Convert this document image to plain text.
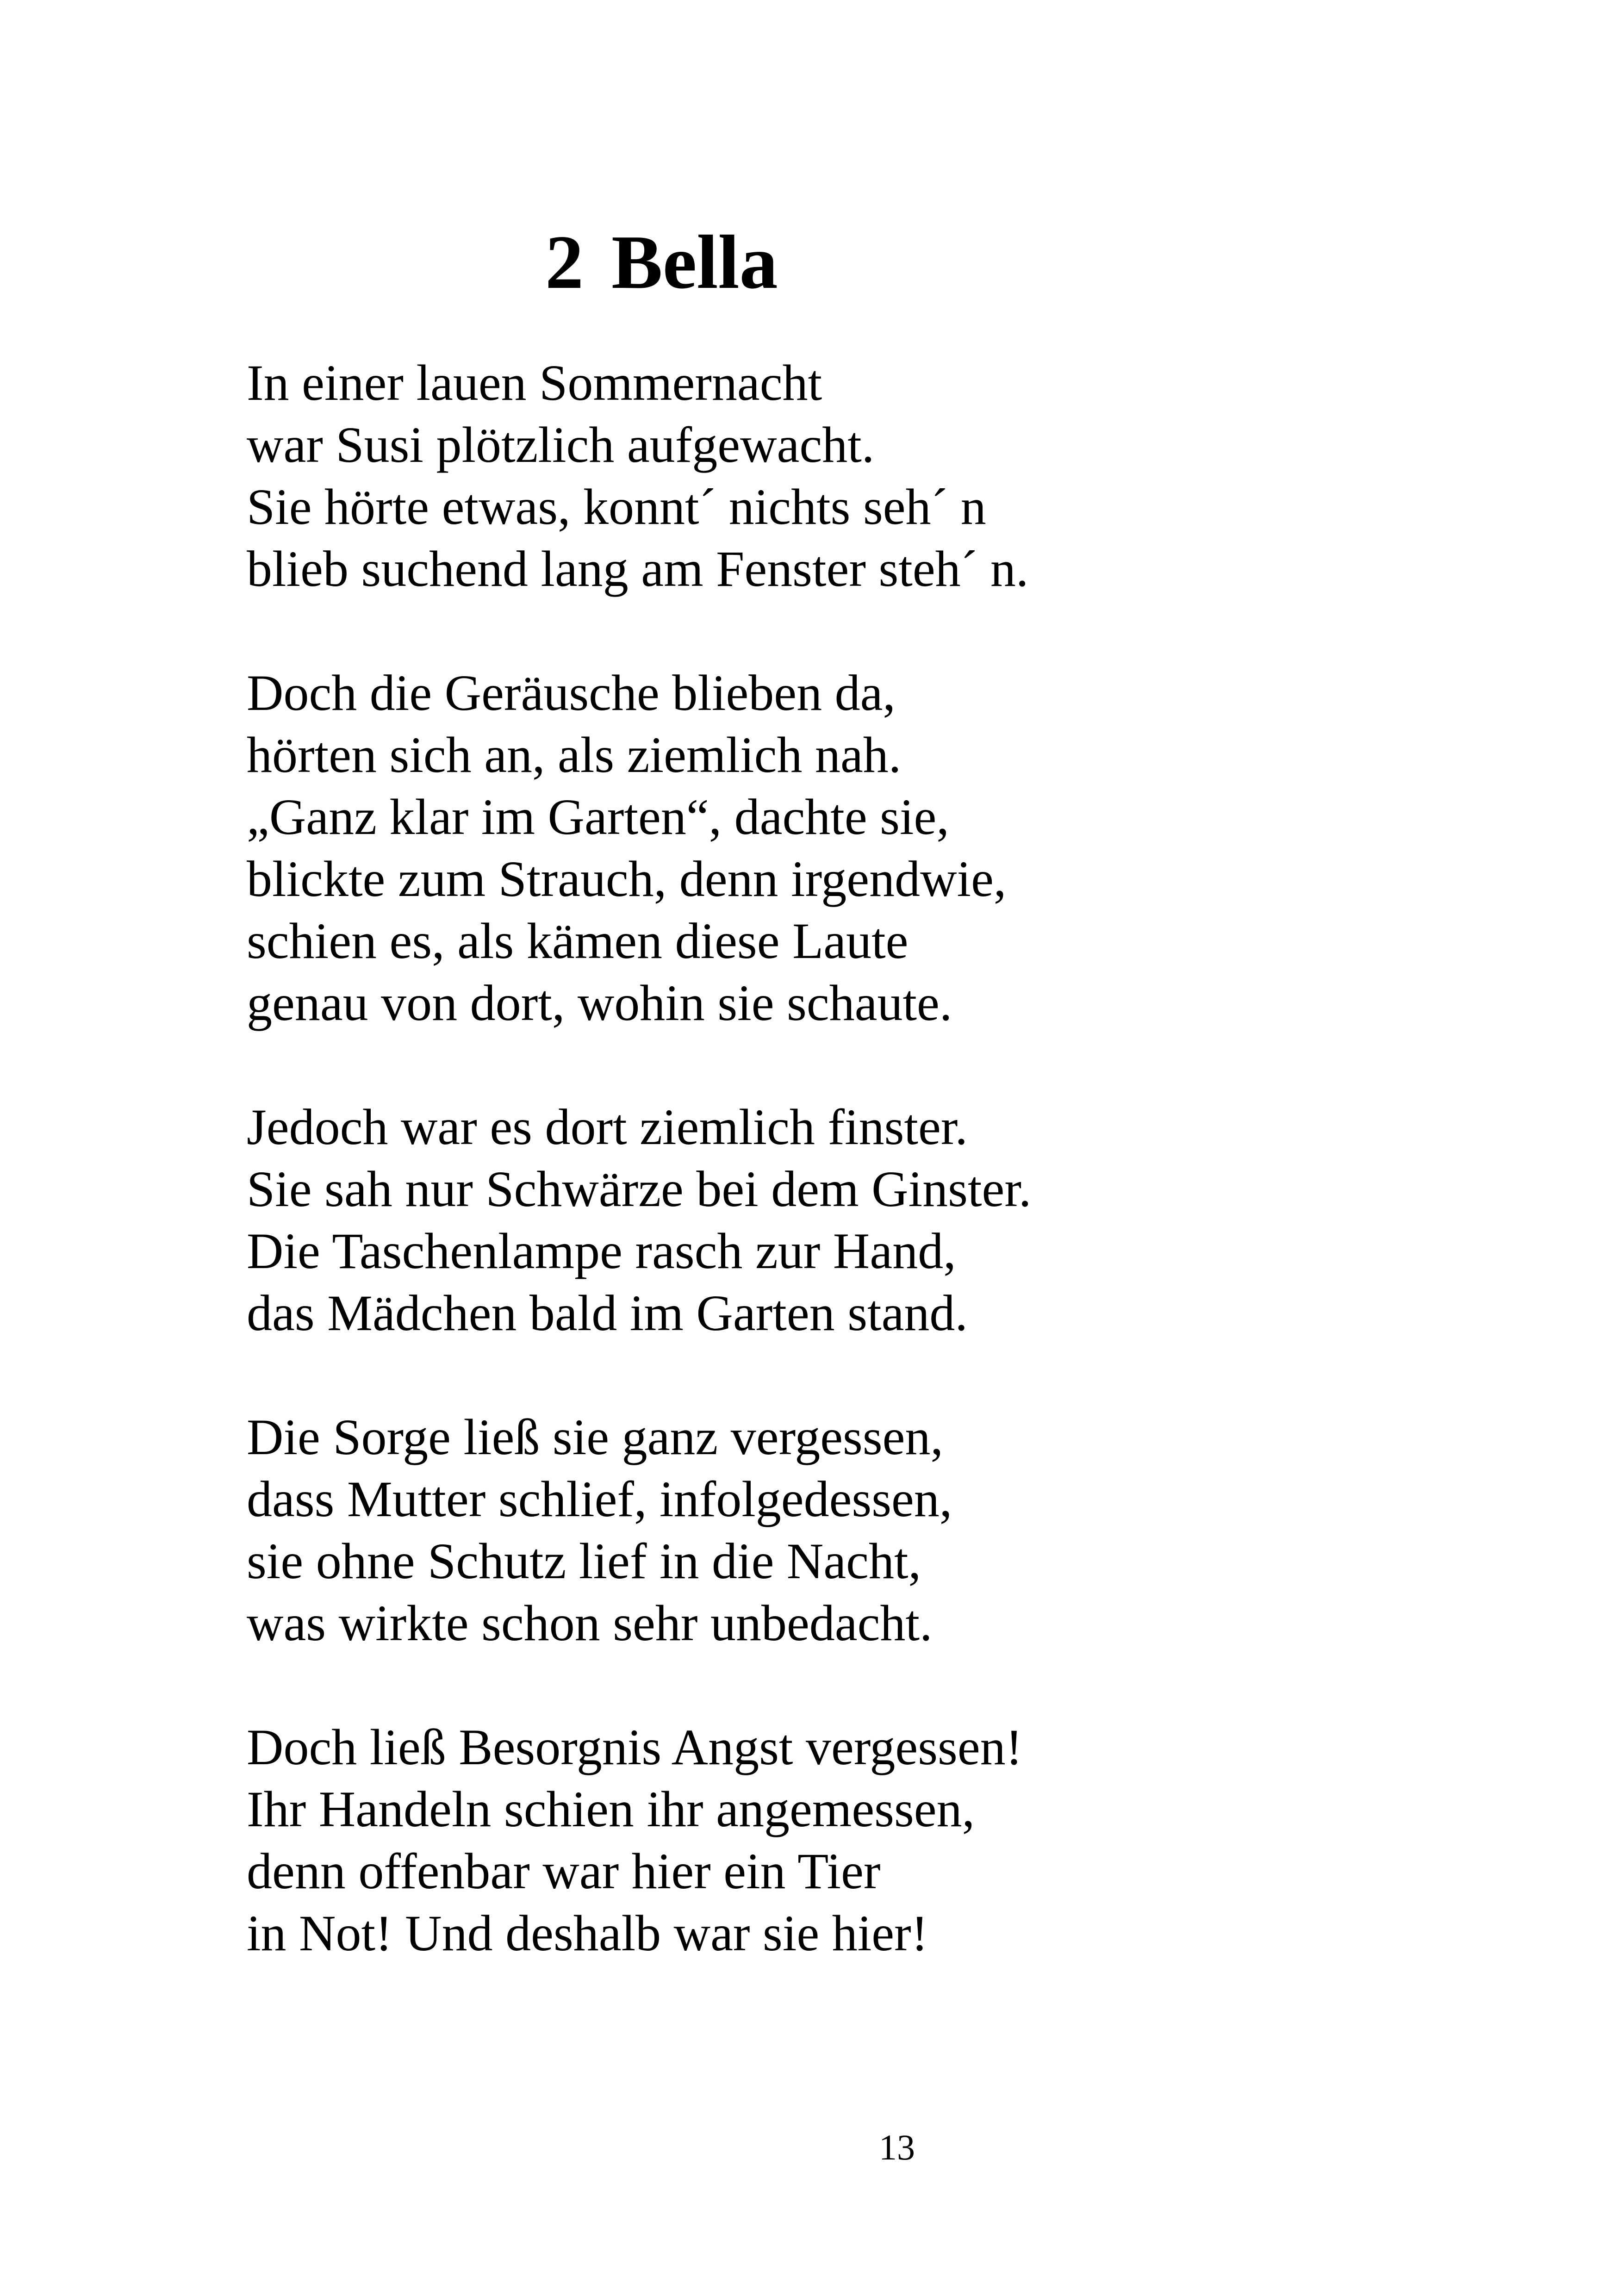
2 Bella

In einer lauen Sommernacht
war Susi plötzlich aufgewacht.
Sie hörte etwas, konnt´ nichts seh´ n
blieb suchend lang am Fenster steh´ n.

Doch die Geräusche blieben da,
hörten sich an, als ziemlich nah.
„Ganz klar im Garten“, dachte sie,
blickte zum Strauch, denn irgendwie,
schien es, als kämen diese Laute
genau von dort, wohin sie schaute.

Jedoch war es dort ziemlich finster.
Sie sah nur Schwärze bei dem Ginster.
Die Taschenlampe rasch zur Hand,
das Mädchen bald im Garten stand.

Die Sorge ließ sie ganz vergessen,
dass Mutter schlief, infolgedessen,
sie ohne Schutz lief in die Nacht,
was wirkte schon sehr unbedacht.

Doch ließ Besorgnis Angst vergessen!
Ihr Handeln schien ihr angemessen,
denn offenbar war hier ein Tier
in Not! Und deshalb war sie hier!

13
